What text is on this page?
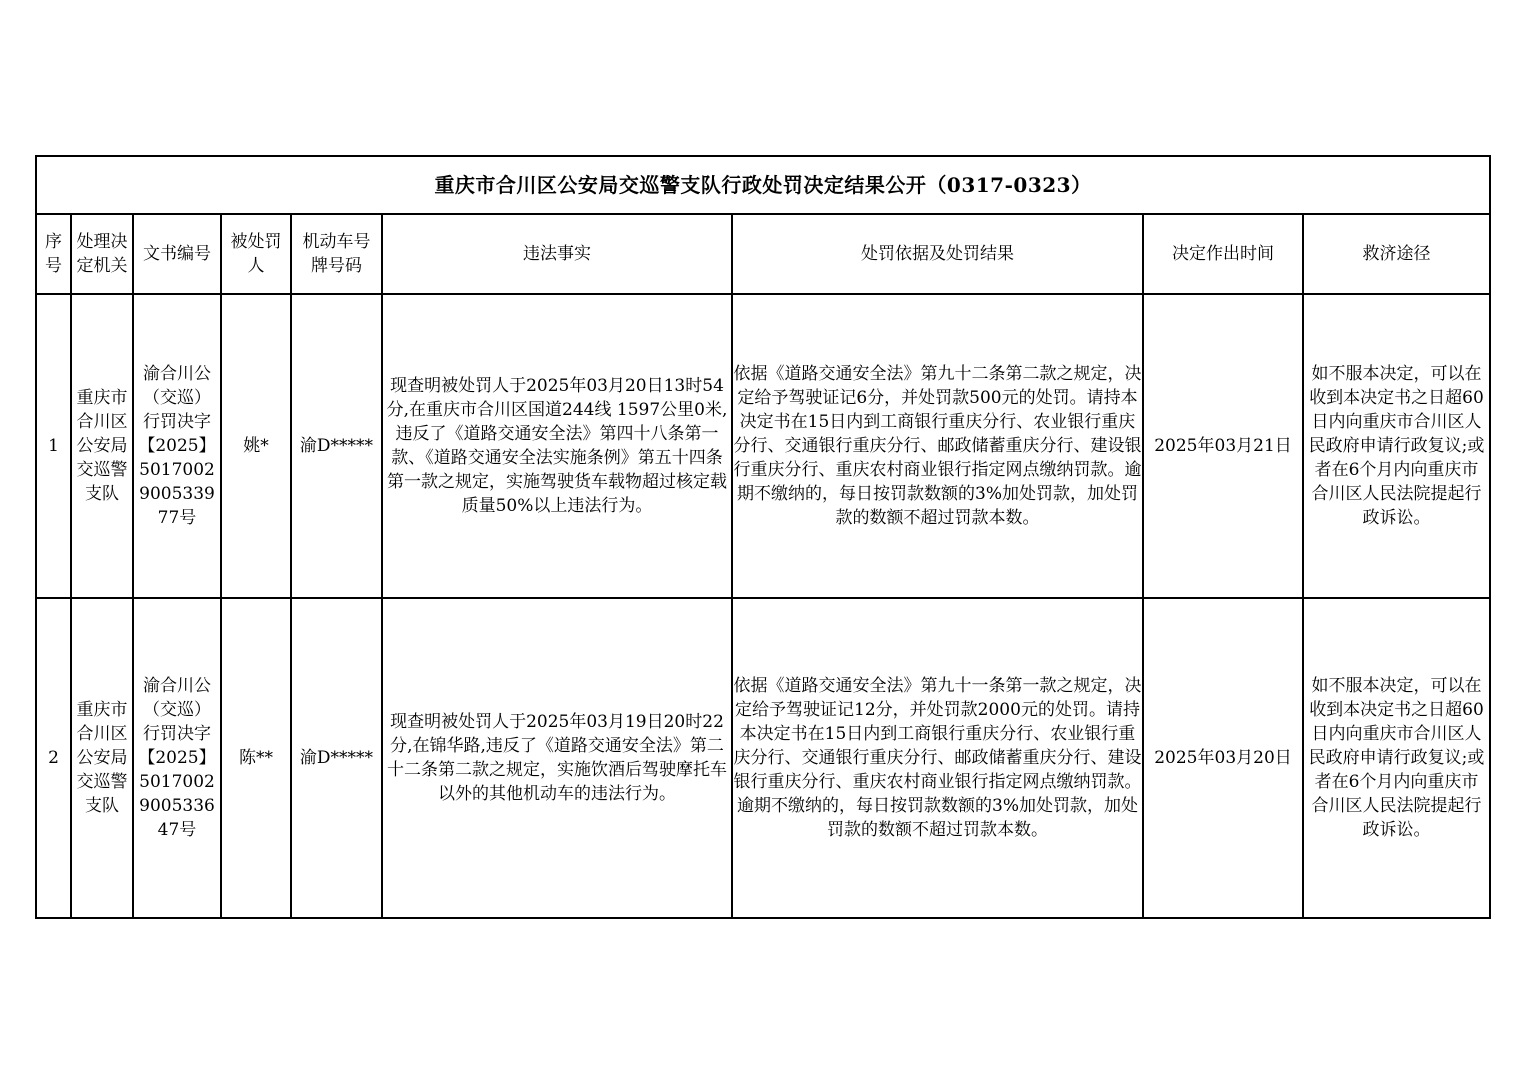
重庆市合川区公安局交巡警支队行政处罚决定结果公开（0317-0323）								
序号	处理决定机关	文书编号	被处罚人	机动车号牌号码	违法事实	处罚依据及处罚结果	决定作出时间	救济途径
1	重庆市合川区公安局交巡警支队	渝合川公（交巡）行罚决字【2025】5017002900533977号	姚*	渝D*****	现查明被处罚人于2025年03月20日13时54分,在重庆市合川区国道244线 1597公里0米,违反了《道路交通安全法》第四十八条第一款、《道路交通安全法实施条例》第五十四条第一款之规定，实施驾驶货车载物超过核定载质量50%以上违法行为。	依据《道路交通安全法》第九十二条第二款之规定，决定给予驾驶证记6分，并处罚款500元的处罚。请持本决定书在15日内到工商银行重庆分行、农业银行重庆分行、交通银行重庆分行、邮政储蓄重庆分行、建设银行重庆分行、重庆农村商业银行指定网点缴纳罚款。逾期不缴纳的，每日按罚款数额的3%加处罚款，加处罚款的数额不超过罚款本数。	2025年03月21日	如不服本决定，可以在收到本决定书之日超60日内向重庆市合川区人民政府申请行政复议;或者在6个月内向重庆市合川区人民法院提起行政诉讼。
2	重庆市合川区公安局交巡警支队	渝合川公（交巡）行罚决字【2025】5017002900533647号	陈**	渝D*****	现查明被处罚人于2025年03月19日20时22分,在锦华路,违反了《道路交通安全法》第二十二条第二款之规定，实施饮酒后驾驶摩托车以外的其他机动车的违法行为。	依据《道路交通安全法》第九十一条第一款之规定，决定给予驾驶证记12分，并处罚款2000元的处罚。请持本决定书在15日内到工商银行重庆分行、农业银行重庆分行、交通银行重庆分行、邮政储蓄重庆分行、建设银行重庆分行、重庆农村商业银行指定网点缴纳罚款。逾期不缴纳的，每日按罚款数额的3%加处罚款，加处罚款的数额不超过罚款本数。	2025年03月20日	如不服本决定，可以在收到本决定书之日超60日内向重庆市合川区人民政府申请行政复议;或者在6个月内向重庆市合川区人民法院提起行政诉讼。
